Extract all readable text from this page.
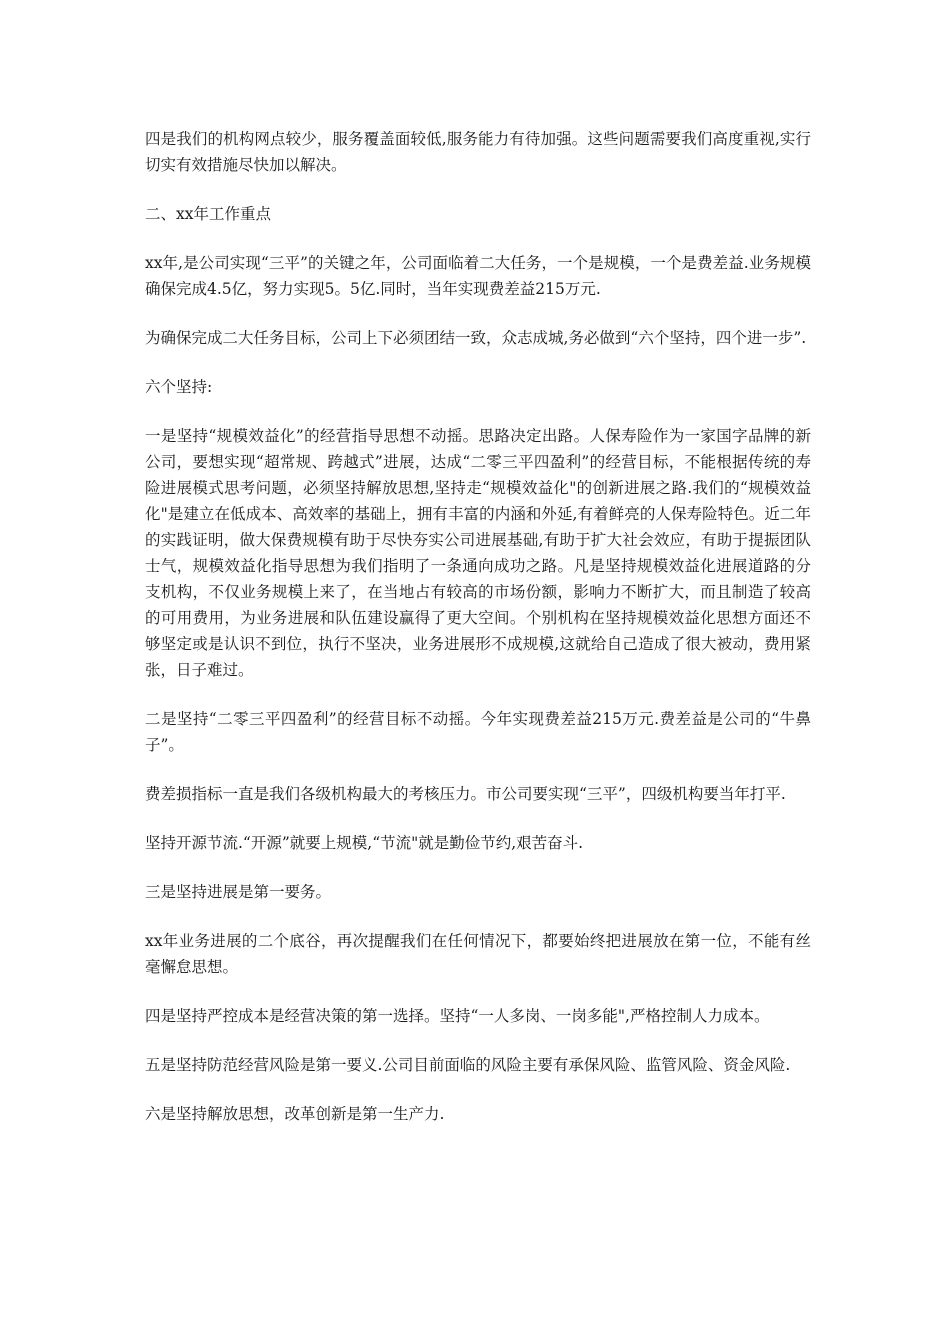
四是我们的机构网点较少，服务覆盖面较低,服务能力有待加强。这些问题需要我们高度重视,实行切实有效措施尽快加以解决。

二、xx年工作重点

xx年,是公司实现“三平”的关键之年，公司面临着二大任务，一个是规模，一个是费差益.业务规模确保完成4.5亿，努力实现5。5亿.同时，当年实现费差益215万元.

为确保完成二大任务目标，公司上下必须团结一致，众志成城,务必做到“六个坚持，四个进一步”.

六个坚持:

一是坚持“规模效益化”的经营指导思想不动摇。思路决定出路。人保寿险作为一家国字品牌的新公司，要想实现“超常规、跨越式”进展，达成“二零三平四盈利”的经营目标，不能根据传统的寿险进展模式思考问题，必须坚持解放思想,坚持走“规模效益化"的创新进展之路.我们的“规模效益化"是建立在低成本、高效率的基础上，拥有丰富的内涵和外延,有着鲜亮的人保寿险特色。近二年的实践证明，做大保费规模有助于尽快夯实公司进展基础,有助于扩大社会效应，有助于提振团队士气，规模效益化指导思想为我们指明了一条通向成功之路。凡是坚持规模效益化进展道路的分支机构，不仅业务规模上来了，在当地占有较高的市场份额，影响力不断扩大，而且制造了较高的可用费用，为业务进展和队伍建设赢得了更大空间。个别机构在坚持规模效益化思想方面还不够坚定或是认识不到位，执行不坚决，业务进展形不成规模,这就给自己造成了很大被动，费用紧张，日子难过。

二是坚持“二零三平四盈利”的经营目标不动摇。今年实现费差益215万元.费差益是公司的“牛鼻子”。

费差损指标一直是我们各级机构最大的考核压力。市公司要实现“三平”，四级机构要当年打平.

坚持开源节流.“开源”就要上规模,“节流"就是勤俭节约,艰苦奋斗.

三是坚持进展是第一要务。

xx年业务进展的二个底谷，再次提醒我们在任何情况下，都要始终把进展放在第一位，不能有丝毫懈怠思想。

四是坚持严控成本是经营决策的第一选择。坚持“一人多岗、一岗多能",严格控制人力成本。

五是坚持防范经营风险是第一要义.公司目前面临的风险主要有承保风险、监管风险、资金风险.

六是坚持解放思想，改革创新是第一生产力.
